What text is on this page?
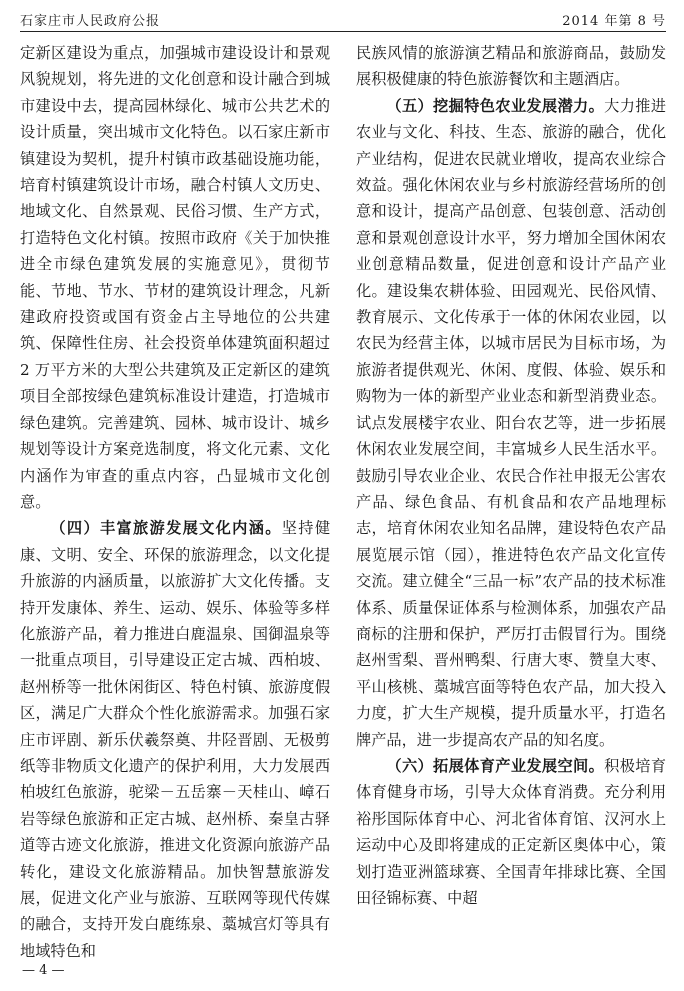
石家庄市人民政府公报	2014 年第 8 号

定新区建设为重点，加强城市建设设计和景观风貌规划，将先进的文化创意和设计融合到城市建设中去，提高园林绿化、城市公共艺术的设计质量，突出城市文化特色。以石家庄新市镇建设为契机，提升村镇市政基础设施功能，培育村镇建筑设计市场，融合村镇人文历史、地域文化、自然景观、民俗习惯、生产方式，打造特色文化村镇。按照市政府《关于加快推进全市绿色建筑发展的实施意见》，贯彻节能、节地、节水、节材的建筑设计理念，凡新建政府投资或国有资金占主导地位的公共建筑、保障性住房、社会投资单体建筑面积超过 2 万平方米的大型公共建筑及正定新区的建筑项目全部按绿色建筑标准设计建造，打造城市绿色建筑。完善建筑、园林、城市设计、城乡规划等设计方案竞选制度，将文化元素、文化内涵作为审查的重点内容，凸显城市文化创意。

（四）丰富旅游发展文化内涵。坚持健康、文明、安全、环保的旅游理念，以文化提升旅游的内涵质量，以旅游扩大文化传播。支持开发康体、养生、运动、娱乐、体验等多样化旅游产品，着力推进白鹿温泉、国御温泉等一批重点项目，引导建设正定古城、西柏坡、赵州桥等一批休闲街区、特色村镇、旅游度假区，满足广大群众个性化旅游需求。加强石家庄市评剧、新乐伏羲祭奠、井陉晋剧、无极剪纸等非物质文化遗产的保护利用，大力发展西柏坡红色旅游，驼梁－五岳寨－天桂山、嶂石岩等绿色旅游和正定古城、赵州桥、秦皇古驿道等古迹文化旅游，推进文化资源向旅游产品转化，建设文化旅游精品。加快智慧旅游发展，促进文化产业与旅游、互联网等现代传媒的融合，支持开发白鹿练泉、藁城宫灯等具有地域特色和

民族风情的旅游演艺精品和旅游商品，鼓励发展积极健康的特色旅游餐饮和主题酒店。

（五）挖掘特色农业发展潜力。大力推进农业与文化、科技、生态、旅游的融合，优化产业结构，促进农民就业增收，提高农业综合效益。强化休闲农业与乡村旅游经营场所的创意和设计，提高产品创意、包装创意、活动创意和景观创意设计水平，努力增加全国休闲农业创意精品数量，促进创意和设计产品产业化。建设集农耕体验、田园观光、民俗风情、教育展示、文化传承于一体的休闲农业园，以农民为经营主体，以城市居民为目标市场，为旅游者提供观光、休闲、度假、体验、娱乐和购物为一体的新型产业业态和新型消费业态。试点发展楼宇农业、阳台农艺等，进一步拓展休闲农业发展空间，丰富城乡人民生活水平。鼓励引导农业企业、农民合作社申报无公害农产品、绿色食品、有机食品和农产品地理标志，培育休闲农业知名品牌，建设特色农产品展览展示馆（园），推进特色农产品文化宣传交流。建立健全“三品一标”农产品的技术标准体系、质量保证体系与检测体系，加强农产品商标的注册和保护，严厉打击假冒行为。围绕赵州雪梨、晋州鸭梨、行唐大枣、赞皇大枣、平山核桃、藁城宫面等特色农产品，加大投入力度，扩大生产规模，提升质量水平，打造名牌产品，进一步提高农产品的知名度。

（六）拓展体育产业发展空间。积极培育体育健身市场，引导大众体育消费。充分利用裕彤国际体育中心、河北省体育馆、汉河水上运动中心及即将建成的正定新区奥体中心，策划打造亚洲篮球赛、全国青年排球比赛、全国田径锦标赛、中超

— 4 —
